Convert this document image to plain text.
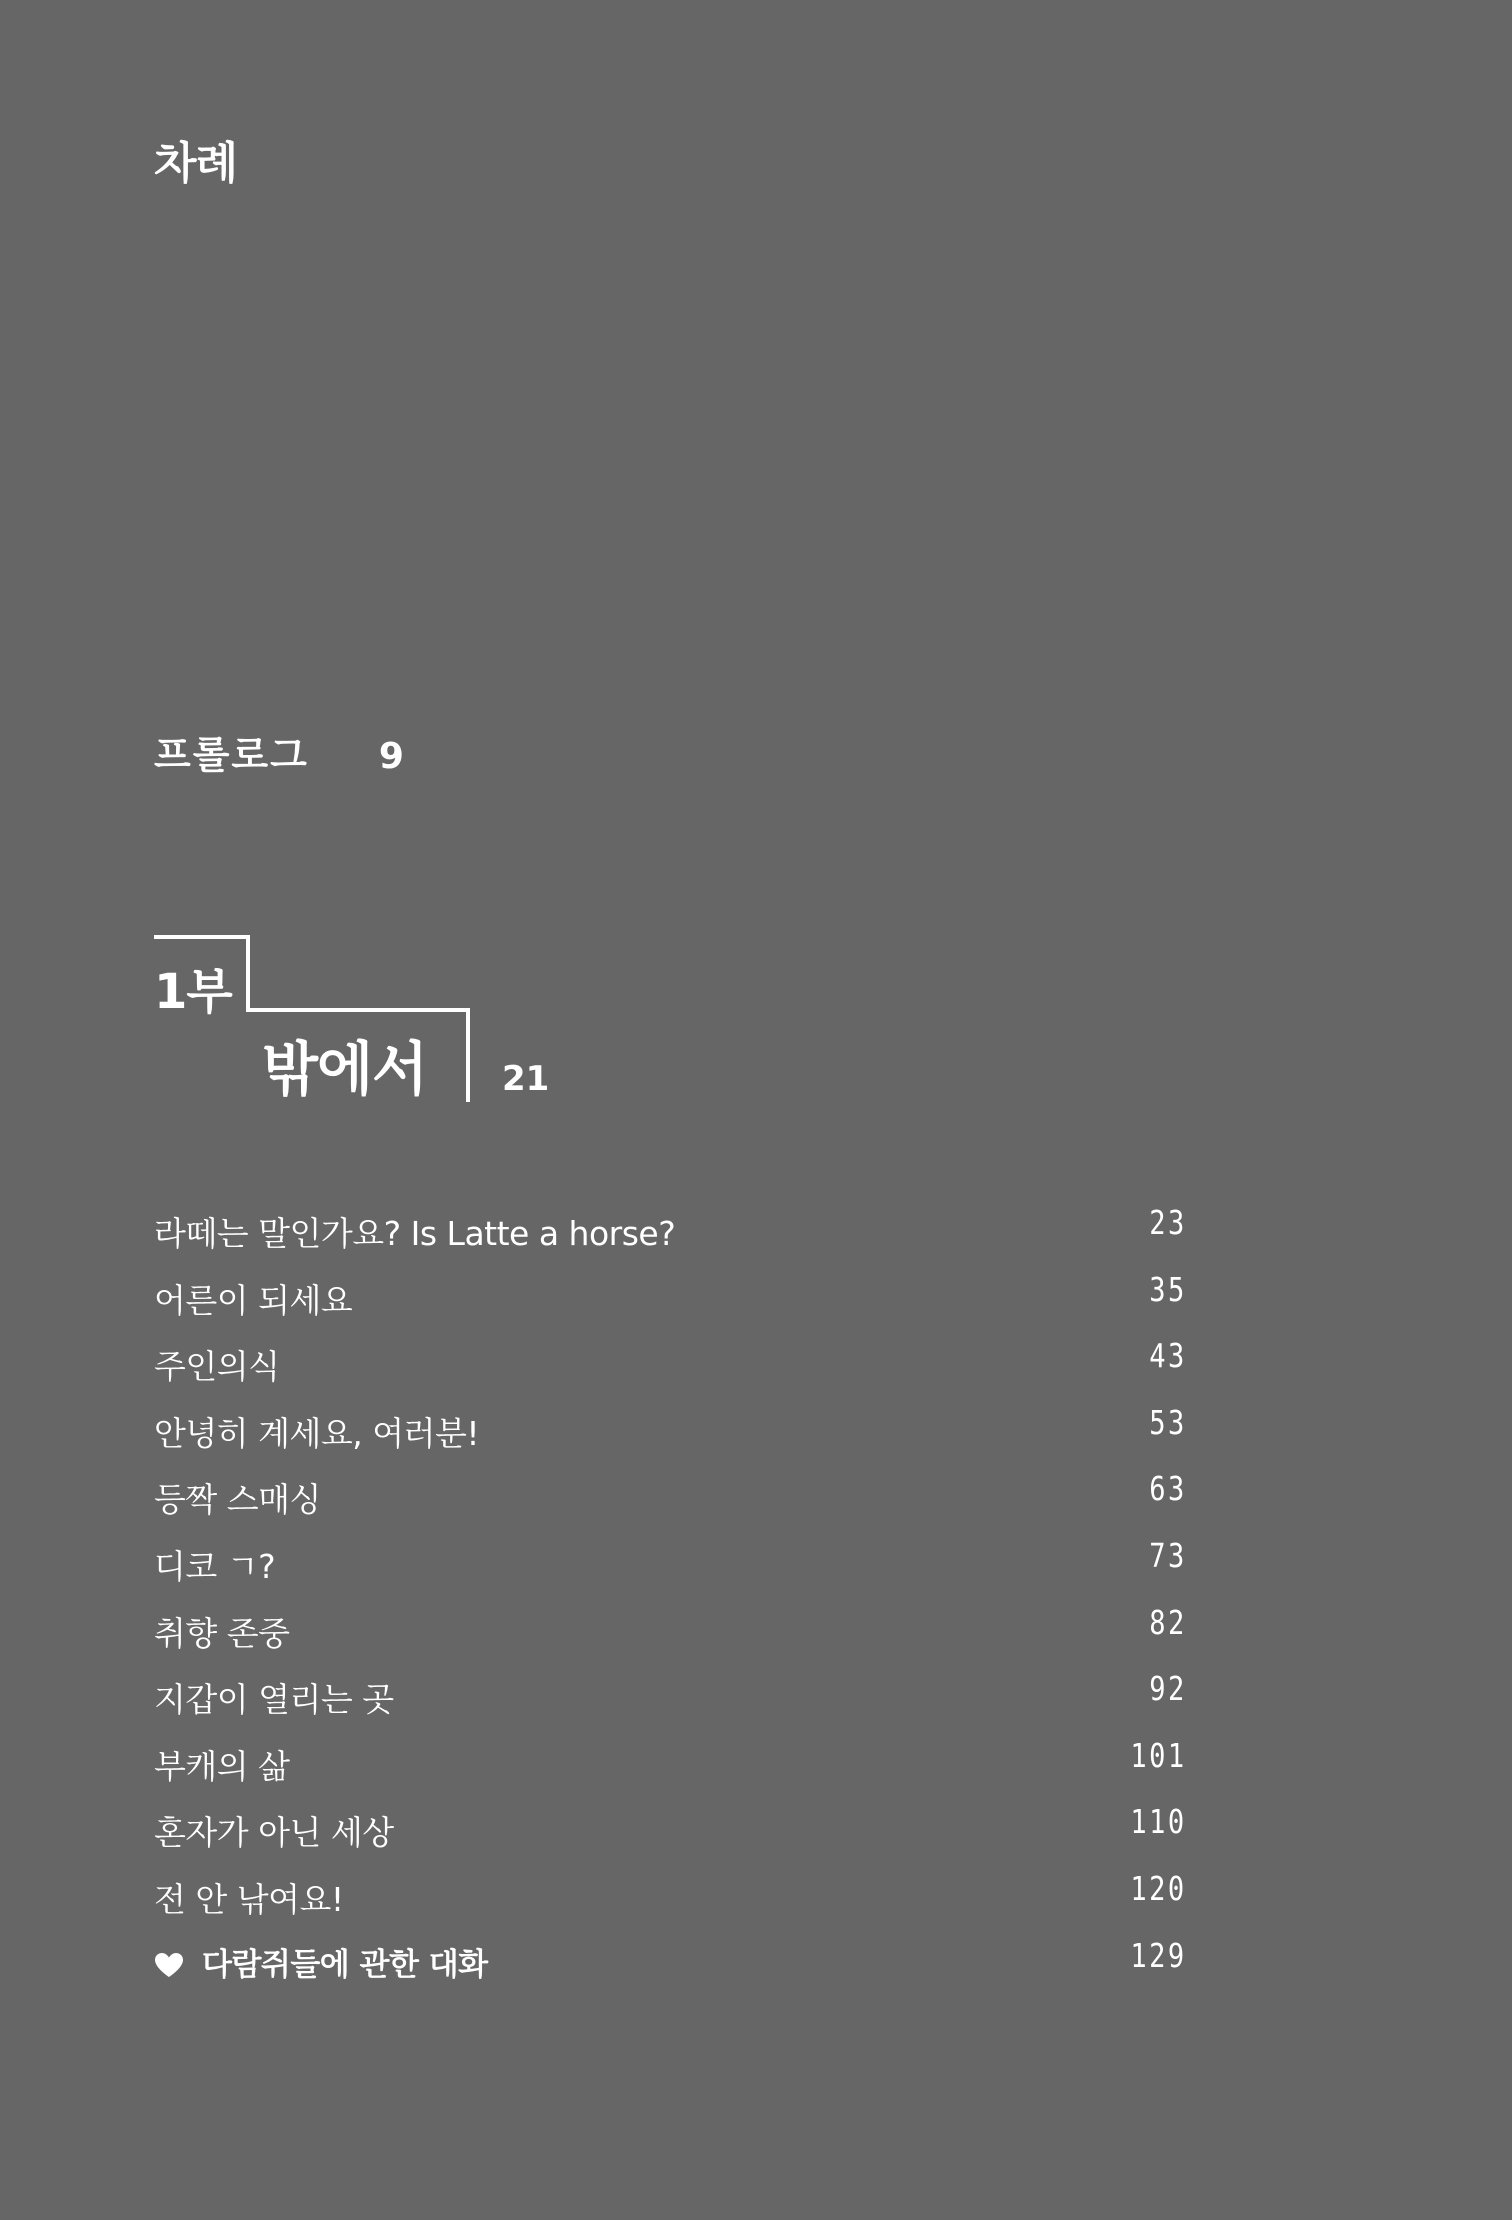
차례
프롤로그 9
1부
밖에서 21
라떼는 말인가요? Is Latte a horse?	23
어른이 되세요	35
주인의식	43
안녕히 계세요, 여러분!	53
등짝 스매싱	63
디코 ㄱ?	73
취향 존중	82
지갑이 열리는 곳	92
부캐의 삶	101
혼자가 아닌 세상	110
전 안 낚여요!	120
다람쥐들에 관한 대화	129
